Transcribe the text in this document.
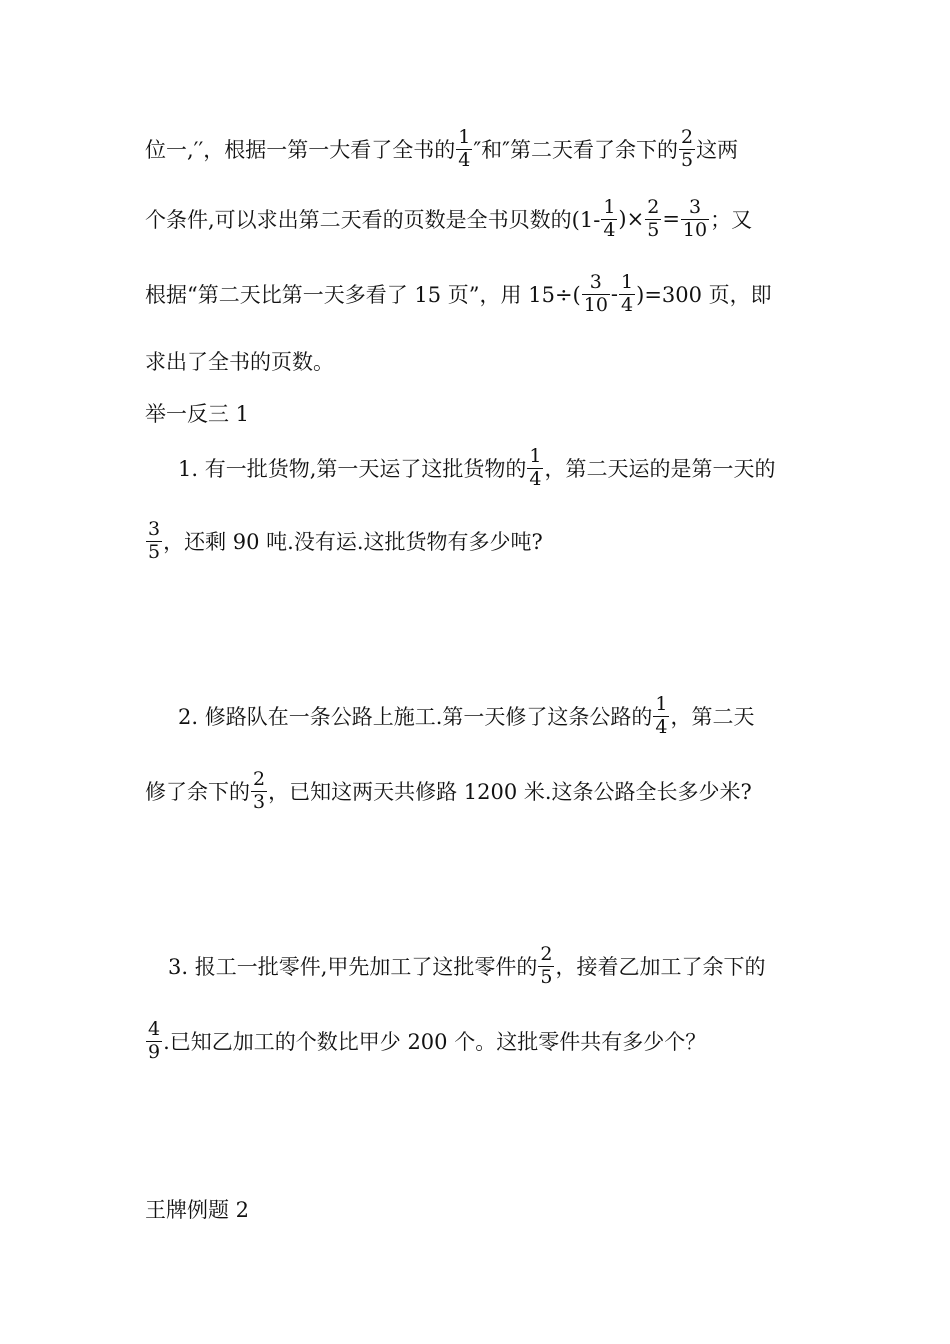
位一,′′，根据一第一大看了全书的 $\frac{1}{4}$ ″和″第二天看了余下的 $\frac{2}{5}$ 这两
个条件,可以求出第二天看的页数是全书贝数的($1- \frac{1}{4}$ )× $\frac{2}{5} = \frac{3}{10}$ ；又
根据“第二天比第一天多看了 15 页”，用 $15\div( \frac{3}{10} - \frac{1}{4} )=300$ 页，即
求出了全书的页数。
举一反三 1
1. 有一批货物,第一天运了这批货物的 $\frac{1}{4}$ ，第二天运的是第一天的
$\frac{3}{5}$ ，还剩 90 吨.没有运.这批货物有多少吨?
2. 修路队在一条公路上施工.第一天修了这条公路的 $\frac{1}{4}$ ，第二天
修了余下的 $\frac{2}{3}$ ，已知这两天共修路 1200 米.这条公路全长多少米?
3. 报工一批零件,甲先加工了这批零件的 $\frac{2}{5}$ ，接着乙加工了余下的
$\frac{4}{9}$ .已知乙加工的个数比甲少 200 个。这批零件共有多少个？
王牌例题 2
